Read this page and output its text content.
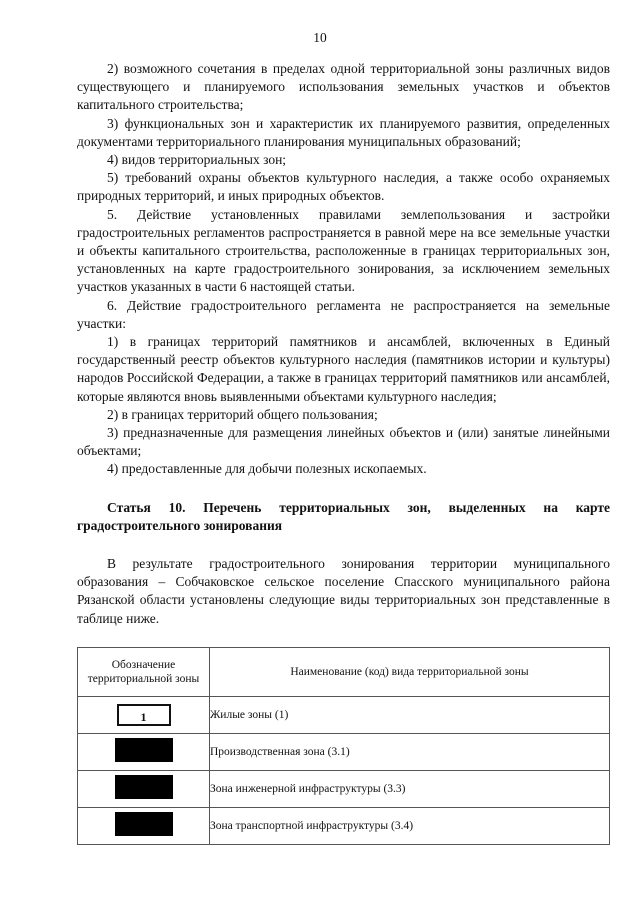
10

2) возможного сочетания в пределах одной территориальной зоны различных видов существующего и планируемого использования земельных участков и объектов капитального строительства;

3) функциональных зон и характеристик их планируемого развития, определенных документами территориального планирования муниципальных образований;

4) видов территориальных зон;

5) требований охраны объектов культурного наследия, а также особо охраняемых природных территорий, и иных природных объектов.

5. Действие установленных правилами землепользования и застройки градостроительных регламентов распространяется в равной мере на все земельные участки и объекты капитального строительства, расположенные в границах территориальных зон, установленных на карте градостроительного зонирования, за исключением земельных участков указанных в части 6 настоящей статьи.

6. Действие градостроительного регламента не распространяется на земельные участки:

1) в границах территорий памятников и ансамблей, включенных в Единый государственный реестр объектов культурного наследия (памятников истории и культуры) народов Российской Федерации, а также в границах территорий памятников или ансамблей, которые являются вновь выявленными объектами культурного наследия;

2) в границах территорий общего пользования;

3) предназначенные для размещения линейных объектов и (или) занятые линейными объектами;

4) предоставленные для добычи полезных ископаемых.

Статья 10. Перечень территориальных зон, выделенных на карте градостроительного зонирования

В результате градостроительного зонирования территории муниципального образования – Собчаковское сельское поселение Спасского муниципального района Рязанской области установлены следующие виды территориальных зон представленные в таблице ниже.

Обозначение территориальной зоны	Наименование (код) вида территориальной зоны
1	Жилые зоны (1)
	Производственная зона (3.1)
	Зона инженерной инфраструктуры (3.3)
	Зона транспортной инфраструктуры (3.4)
